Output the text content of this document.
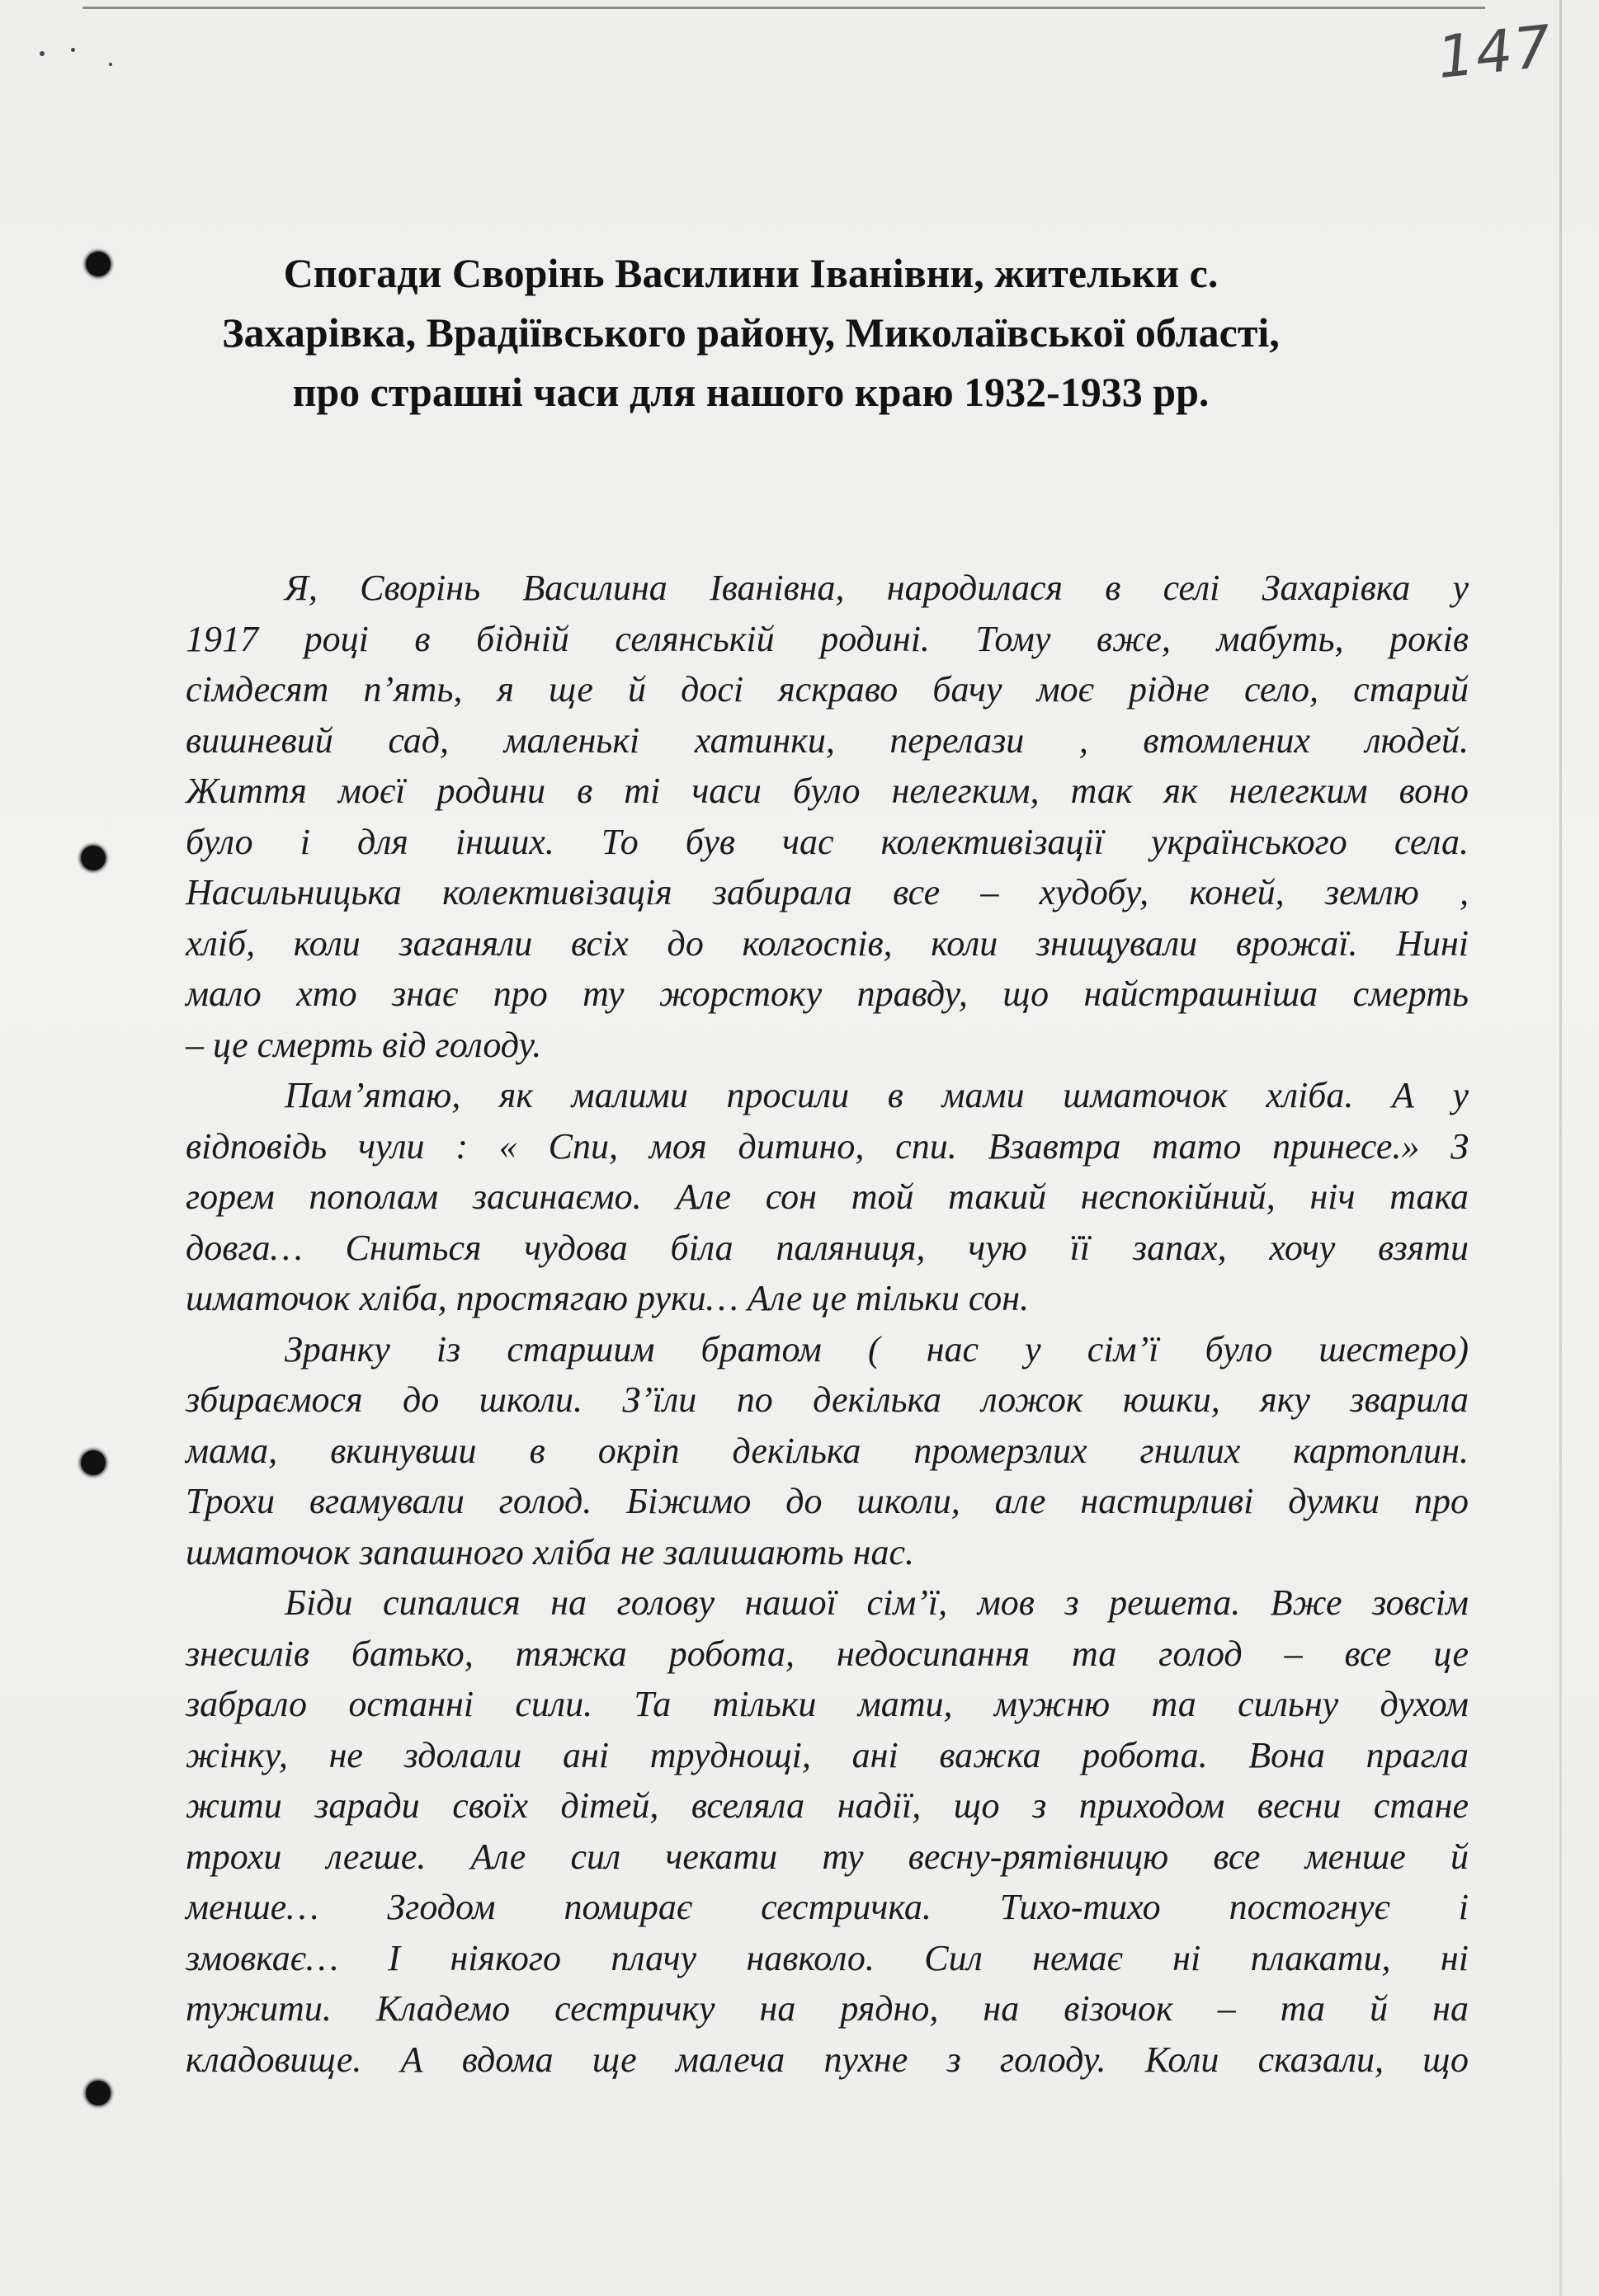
147
Спогади Сворінь Василини Іванівни, жительки с.
Захарівка, Врадіївського району, Миколаївської області,
про страшні часи для нашого краю 1932-1933 рр.
Я, Сворінь Василина Іванівна, народилася в селі Захарівка у
1917 році в бідній селянській родині. Тому вже, мабуть, років
сімдесят п’ять, я ще й досі яскраво бачу моє рідне село, старий
вишневий сад, маленькі хатинки, перелази , втомлених людей.
Життя моєї родини в ті часи було нелегким, так як нелегким воно
було і для інших. То був час колективізації українського села.
Насильницька колективізація забирала все – худобу, коней, землю ,
хліб, коли заганяли всіх до колгоспів, коли знищували врожаї. Нині
мало хто знає про ту жорстоку правду, що найстрашніша смерть
– це смерть від голоду.
Пам’ятаю, як малими просили в мами шматочок хліба. А у
відповідь чули : « Спи, моя дитино, спи. Взавтра тато принесе.» З
горем пополам засинаємо. Але сон той такий неспокійний, ніч така
довга… Сниться чудова біла паляниця, чую її запах, хочу взяти
шматочок хліба, простягаю руки… Але це тільки сон.
Зранку із старшим братом ( нас у сім’ї було шестеро)
збираємося до школи. З’їли по декілька ложок юшки, яку зварила
мама, вкинувши в окріп декілька промерзлих гнилих картоплин.
Трохи вгамували голод. Біжимо до школи, але настирливі думки про
шматочок запашного хліба не залишають нас.
Біди сипалися на голову нашої сім’ї, мов з решета. Вже зовсім
знесилів батько, тяжка робота, недосипання та голод – все це
забрало останні сили. Та тільки мати, мужню та сильну духом
жінку, не здолали ані труднощі, ані важка робота. Вона прагла
жити заради своїх дітей, вселяла надії, що з приходом весни стане
трохи легше. Але сил чекати ту весну-рятівницю все менше й
менше… Згодом помирає сестричка. Тихо-тихо постогнує і
змовкає… І ніякого плачу навколо. Сил немає ні плакати, ні
тужити. Кладемо сестричку на рядно, на візочок – та й на
кладовище. А вдома ще малеча пухне з голоду. Коли сказали, що
